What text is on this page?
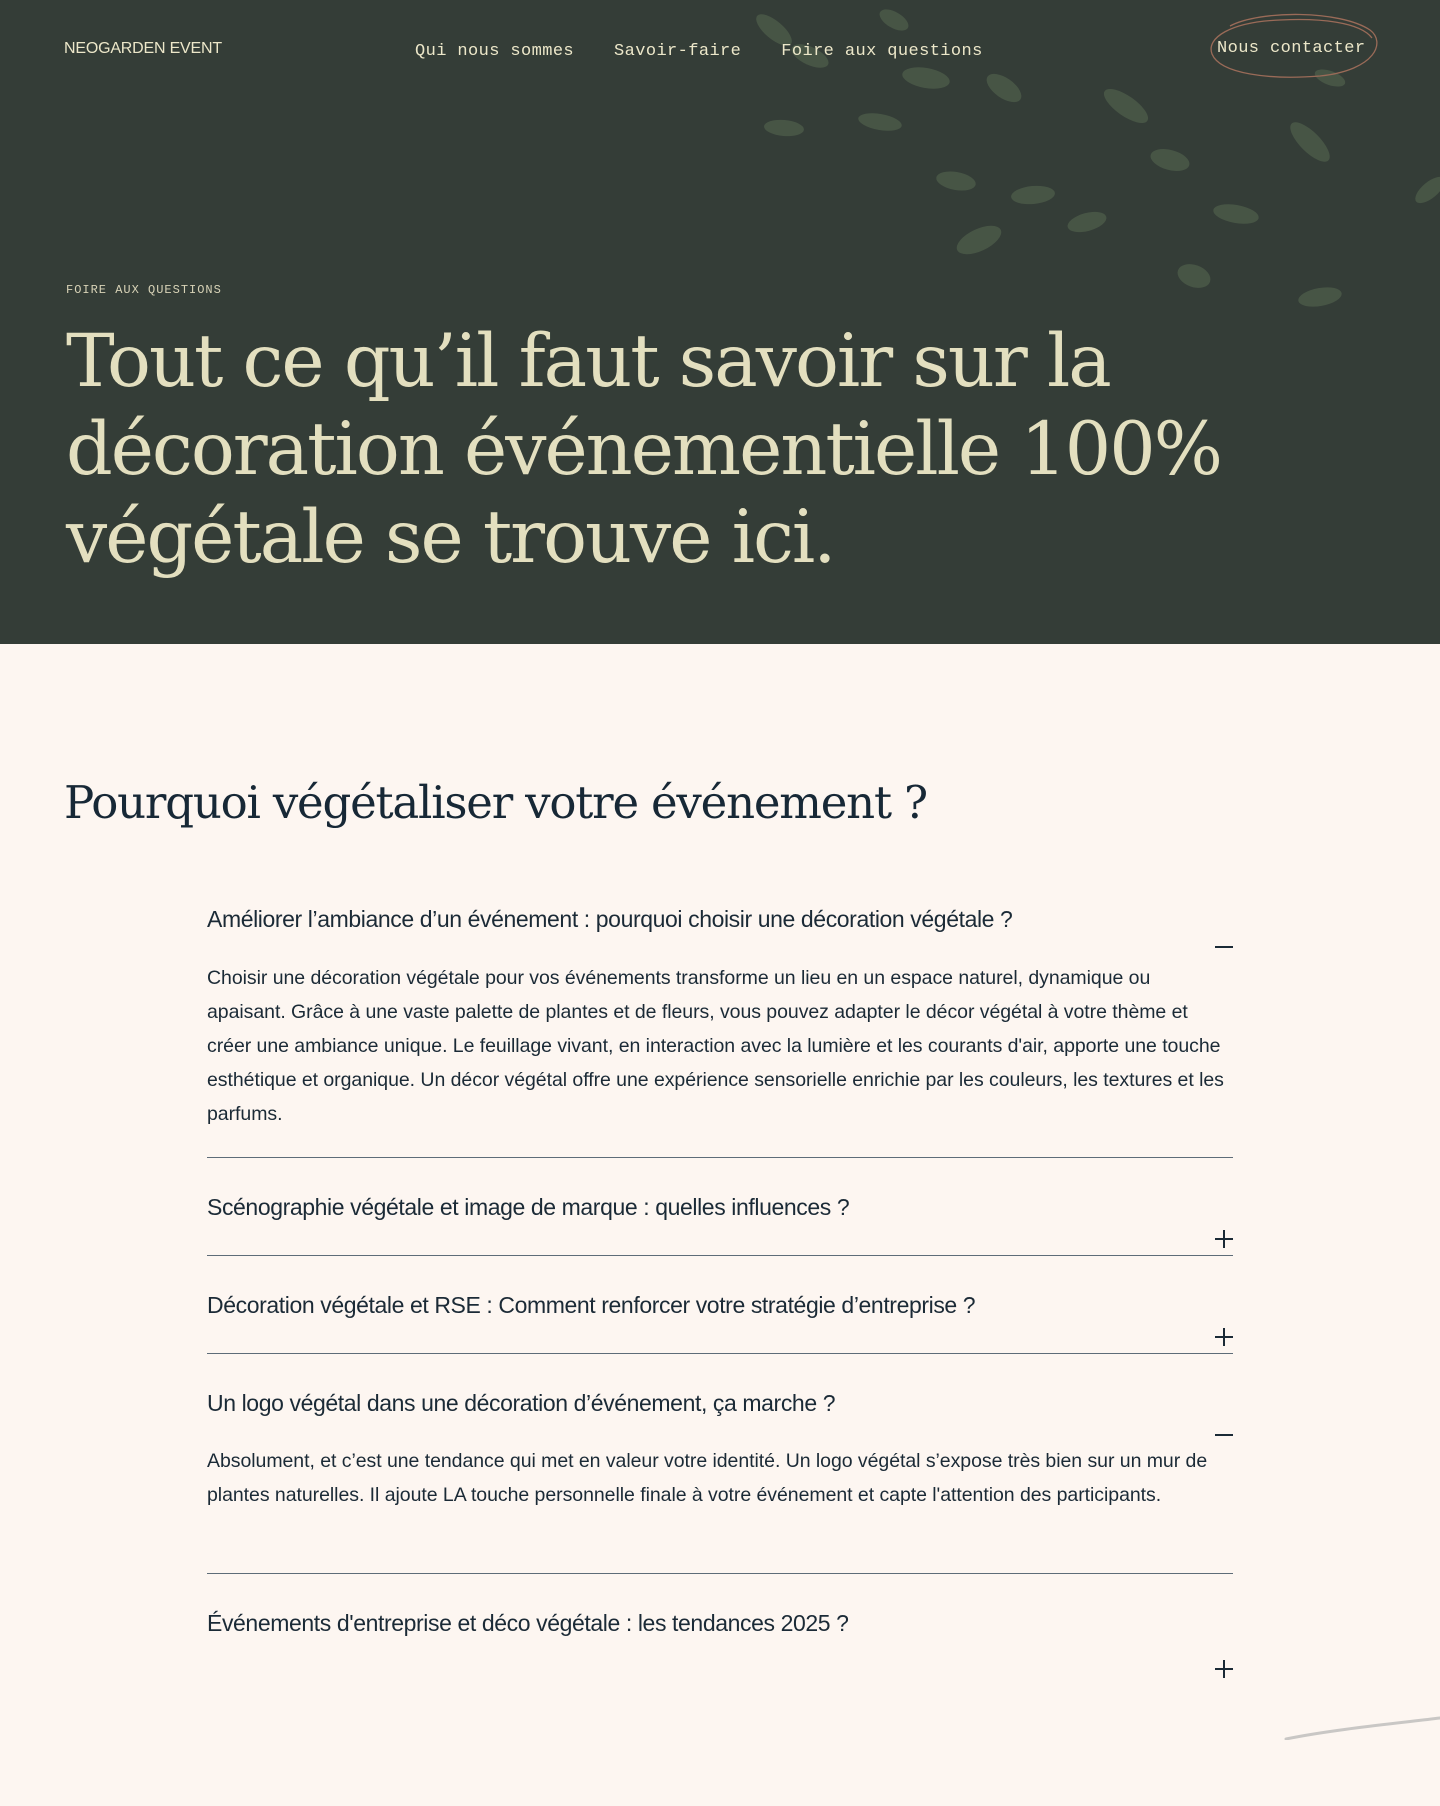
NEOGARDEN EVENT	Qui nous sommes Savoir-faire Foire aux questions	Nous contacter
FOIRE AUX QUESTIONS
Tout ce qu’il faut savoir sur la décoration événementielle 100% végétale se trouve ici.
Pourquoi végétaliser votre événement ?
Améliorer l’ambiance d’un événement : pourquoi choisir une décoration végétale ?

Choisir une décoration végétale pour vos événements transforme un lieu en un espace naturel, dynamique ou apaisant. Grâce à une vaste palette de plantes et de fleurs, vous pouvez adapter le décor végétal à votre thème et créer une ambiance unique. Le feuillage vivant, en interaction avec la lumière et les courants d'air, apporte une touche esthétique et organique. Un décor végétal offre une expérience sensorielle enrichie par les couleurs, les textures et les parfums.

Scénographie végétale et image de marque : quelles influences ?
Décoration végétale et RSE : Comment renforcer votre stratégie d’entreprise ?
Un logo végétal dans une décoration d’événement, ça marche ?

Absolument, et c’est une tendance qui met en valeur votre identité. Un logo végétal s’expose très bien sur un mur de plantes naturelles. Il ajoute LA touche personnelle finale à votre événement et capte l'attention des participants.

Événements d'entreprise et déco végétale : les tendances 2025 ?
